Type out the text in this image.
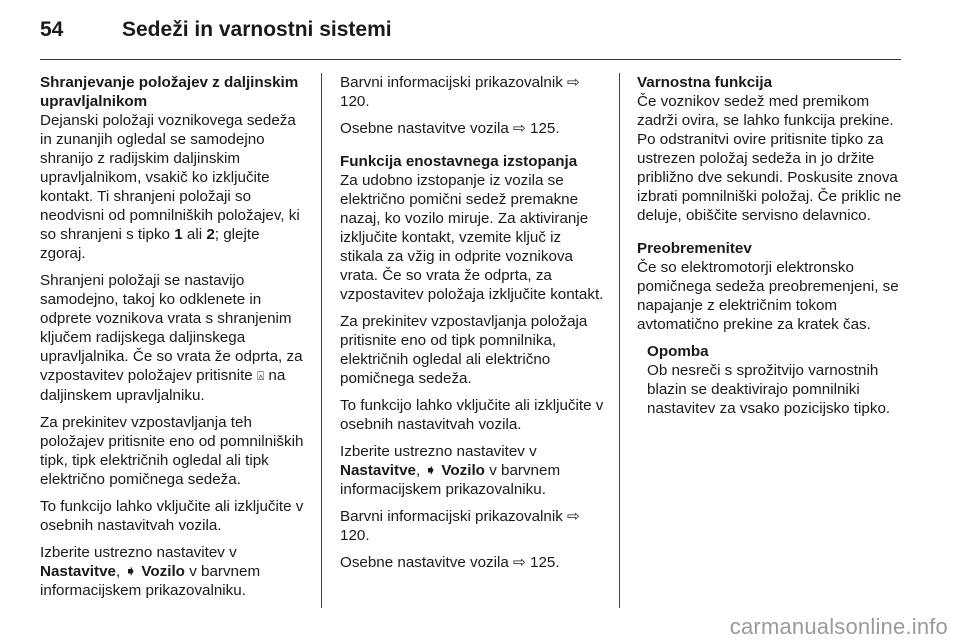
54	Sedeži in varnostni sistemi

Shranjevanje položajev z daljinskim upravljalnikom

Dejanski položaji voznikovega sedeža in zunanjih ogledal se samodejno shranijo z radijskim daljinskim upravljalnikom, vsakič ko izključite kontakt. Ti shranjeni položaji so neodvisni od pomnilniških položajev, ki so shranjeni s tipko 1 ali 2; glejte zgoraj.

Shranjeni položaji se nastavijo samodejno, takoj ko odklenete in odprete voznikova vrata s shranjenim ključem radijskega daljinskega upravljalnika. Če so vrata že odprta, za vzpostavitev položajev pritisnite ⍓ na daljinskem upravljalniku.

Za prekinitev vzpostavljanja teh položajev pritisnite eno od pomnilniških tipk, tipk električnih ogledal ali tipk električno pomičnega sedeža.

To funkcijo lahko vključite ali izključite v osebnih nastavitvah vozila.

Izberite ustrezno nastavitev v Nastavitve, ➧ Vozilo v barvnem informacijskem prikazovalniku.

Barvni informacijski prikazovalnik ⇨ 120.

Osebne nastavitve vozila ⇨ 125.

Funkcija enostavnega izstopanja

Za udobno izstopanje iz vozila se električno pomični sedež premakne nazaj, ko vozilo miruje. Za aktiviranje izključite kontakt, vzemite ključ iz stikala za vžig in odprite voznikova vrata. Če so vrata že odprta, za vzpostavitev položaja izključite kontakt.

Za prekinitev vzpostavljanja položaja pritisnite eno od tipk pomnilnika, električnih ogledal ali električno pomičnega sedeža.

To funkcijo lahko vključite ali izključite v osebnih nastavitvah vozila.

Izberite ustrezno nastavitev v Nastavitve, ➧ Vozilo v barvnem informacijskem prikazovalniku.

Barvni informacijski prikazovalnik ⇨ 120.

Osebne nastavitve vozila ⇨ 125.

Varnostna funkcija

Če voznikov sedež med premikom zadrži ovira, se lahko funkcija prekine. Po odstranitvi ovire pritisnite tipko za ustrezen položaj sedeža in jo držite približno dve sekundi. Poskusite znova izbrati pomnilniški položaj. Če priklic ne deluje, obiščite servisno delavnico.

Preobremenitev

Če so elektromotorji elektronsko pomičnega sedeža preobremenjeni, se napajanje z električnim tokom avtomatično prekine za kratek čas.

Opomba

Ob nesreči s sprožitvijo varnostnih blazin se deaktivirajo pomnilniki nastavitev za vsako pozicijsko tipko.

carmanualsonline.info
